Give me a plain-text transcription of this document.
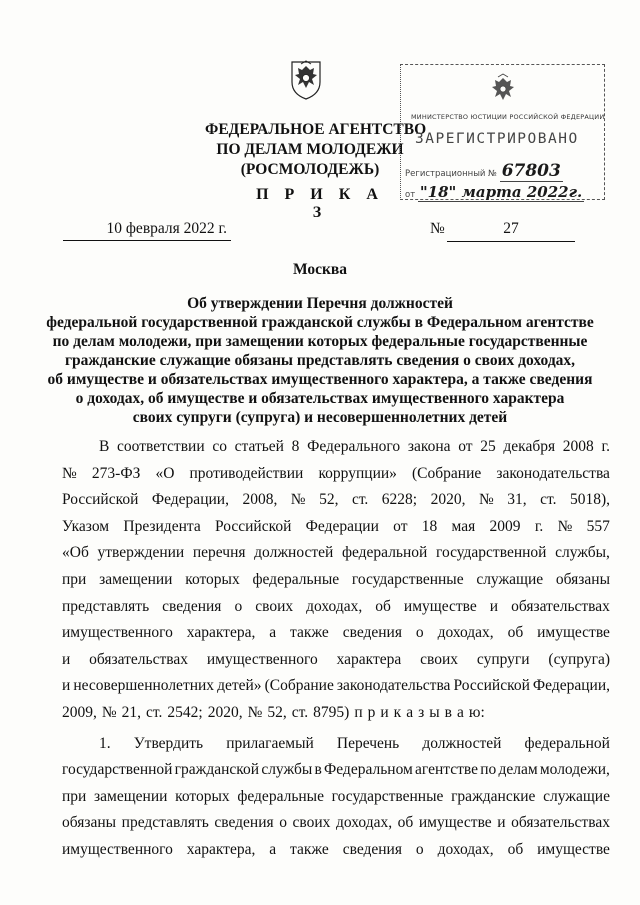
ФЕДЕРАЛЬНОЕ АГЕНТСТВО
ПО ДЕЛАМ МОЛОДЕЖИ
(РОСМОЛОДЕЖЬ)
МИНИСТЕРСТВО ЮСТИЦИИ РОССИЙСКОЙ ФЕДЕРАЦИИ
ЗАРЕГИСТРИРОВАНО
Регистрационный № 67803
от "18" марта 2022г.
П Р И К А З
10 февраля 2022 г.	№	27
Москва
Об утверждении Перечня должностей
федеральной государственной гражданской службы в Федеральном агентстве
по делам молодежи, при замещении которых федеральные государственные
гражданские служащие обязаны представлять сведения о своих доходах,
об имуществе и обязательствах имущественного характера, а также сведения
о доходах, об имуществе и обязательствах имущественного характера
своих супруги (супруга) и несовершеннолетних детей
В соответствии со статьей 8 Федерального закона от 25 декабря 2008 г.
№ 273-ФЗ «О противодействии коррупции» (Собрание законодательства
Российской Федерации, 2008, № 52, ст. 6228; 2020, № 31, ст. 5018),
Указом Президента Российской Федерации от 18 мая 2009 г. № 557
«Об утверждении перечня должностей федеральной государственной службы,
при замещении которых федеральные государственные служащие обязаны
представлять сведения о своих доходах, об имуществе и обязательствах
имущественного характера, а также сведения о доходах, об имуществе
и обязательствах имущественного характера своих супруги (супруга)
и несовершеннолетних детей» (Собрание законодательства Российской Федерации,
2009, № 21, ст. 2542; 2020, № 52, ст. 8795) п р и к а з ы в а ю:
1. Утвердить прилагаемый Перечень должностей федеральной
государственной гражданской службы в Федеральном агентстве по делам молодежи,
при замещении которых федеральные государственные гражданские служащие
обязаны представлять сведения о своих доходах, об имуществе и обязательствах
имущественного характера, а также сведения о доходах, об имуществе
